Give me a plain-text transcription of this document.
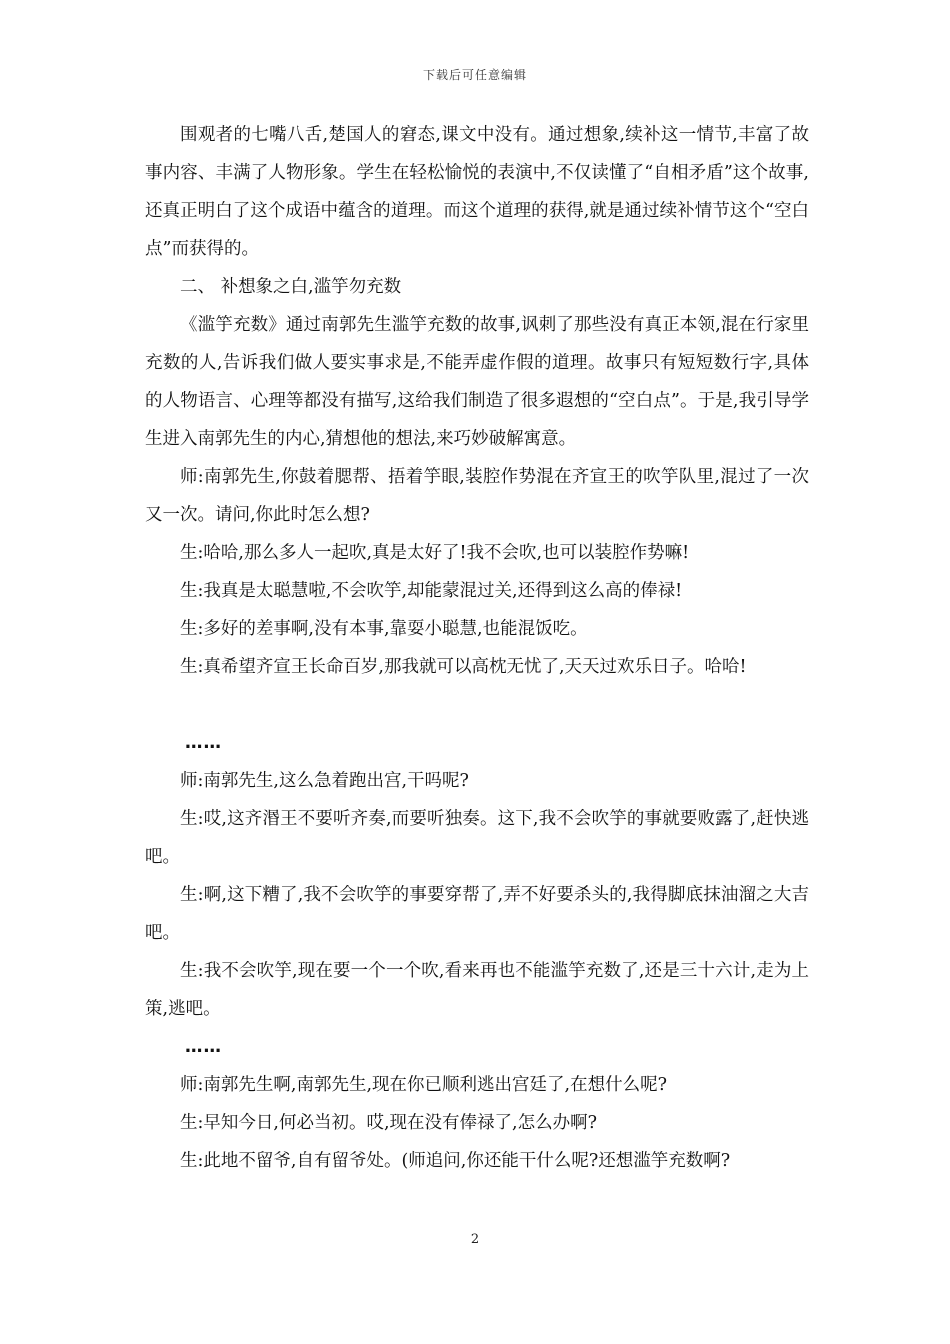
下载后可任意编辑

围观者的七嘴八舌,楚国人的窘态,课文中没有。通过想象,续补这一情节,丰富了故事内容、丰满了人物形象。学生在轻松愉悦的表演中,不仅读懂了“自相矛盾”这个故事,还真正明白了这个成语中蕴含的道理。而这个道理的获得,就是通过续补情节这个“空白点”而获得的。

二、 补想象之白,滥竽勿充数

《滥竽充数》通过南郭先生滥竽充数的故事,讽刺了那些没有真正本领,混在行家里充数的人,告诉我们做人要实事求是,不能弄虚作假的道理。故事只有短短数行字,具体的人物语言、心理等都没有描写,这给我们制造了很多遐想的“空白点”。于是,我引导学生进入南郭先生的内心,猜想他的想法,来巧妙破解寓意。

师:南郭先生,你鼓着腮帮、捂着竽眼,装腔作势混在齐宣王的吹竽队里,混过了一次又一次。请问,你此时怎么想?

生:哈哈,那么多人一起吹,真是太好了!我不会吹,也可以装腔作势嘛!

生:我真是太聪慧啦,不会吹竽,却能蒙混过关,还得到这么高的俸禄!

生:多好的差事啊,没有本事,靠耍小聪慧,也能混饭吃。

生:真希望齐宣王长命百岁,那我就可以高枕无忧了,天天过欢乐日子。哈哈!

……

师:南郭先生,这么急着跑出宫,干吗呢?

生:哎,这齐湣王不要听齐奏,而要听独奏。这下,我不会吹竽的事就要败露了,赶快逃吧。

生:啊,这下糟了,我不会吹竽的事要穿帮了,弄不好要杀头的,我得脚底抹油溜之大吉吧。

生:我不会吹竽,现在要一个一个吹,看来再也不能滥竽充数了,还是三十六计,走为上策,逃吧。

……

师:南郭先生啊,南郭先生,现在你已顺利逃出宫廷了,在想什么呢?

生:早知今日,何必当初。哎,现在没有俸禄了,怎么办啊?

生:此地不留爷,自有留爷处。(师追问,你还能干什么呢?还想滥竽充数啊?

2
